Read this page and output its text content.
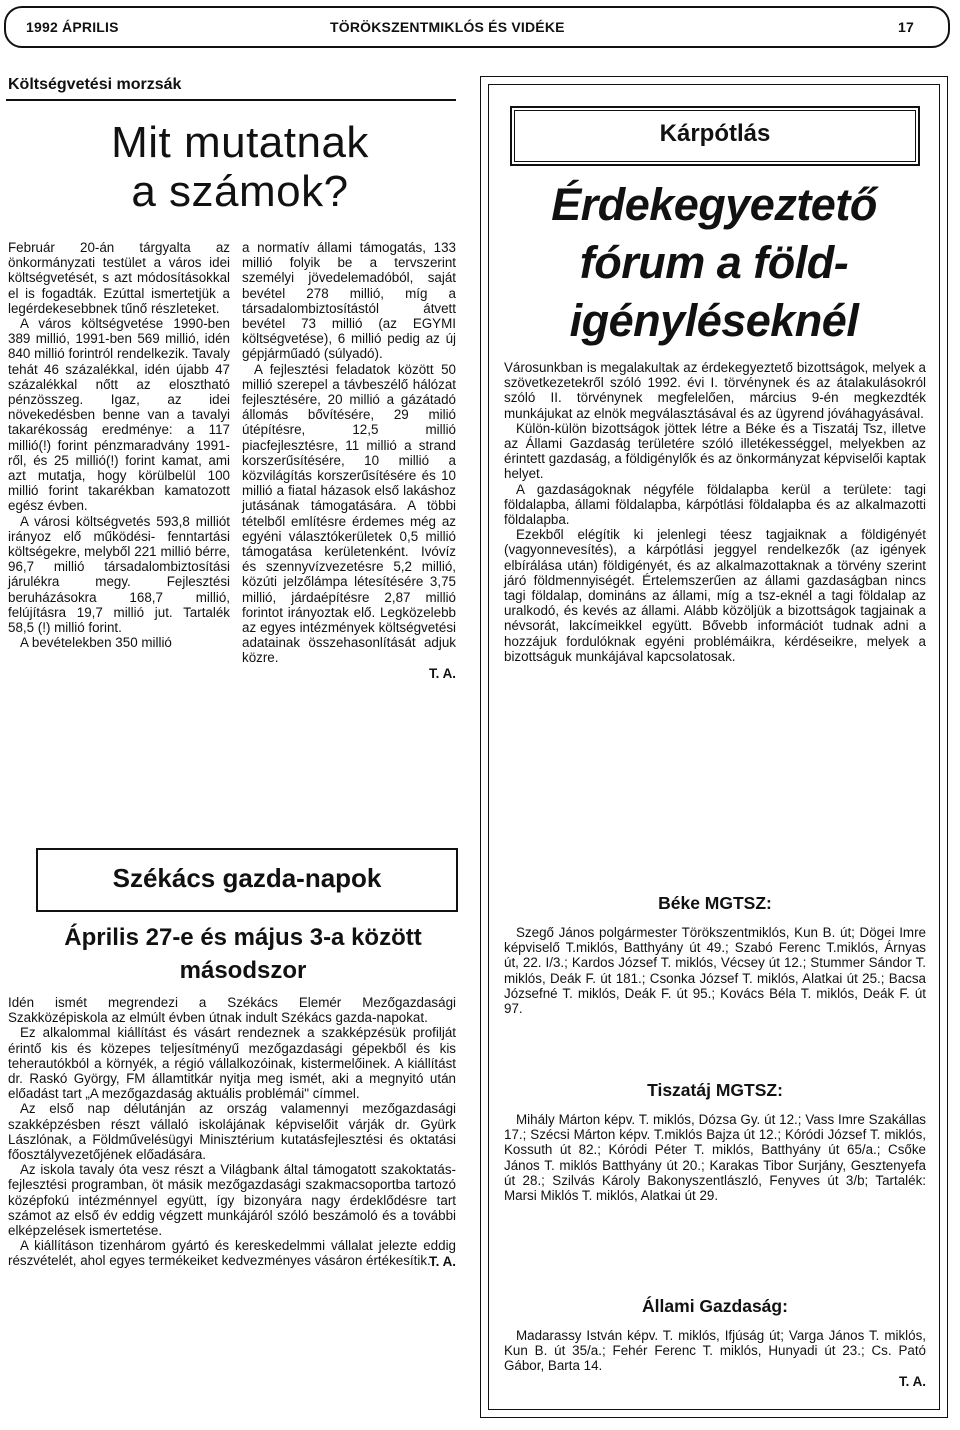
1992 ÁPRILIS	TÖRÖKSZENTMIKLÓS ÉS VIDÉKE	17
Költségvetési morzsák
Mit mutatnak
a számok?

Február 20-án tárgyalta az önkormányzati testület a város idei költségvetését, s azt módosításokkal el is fogadták. Ezúttal ismertetjük a legérdekesebbnek tűnő részleteket.

A város költségvetése 1990-ben 389 millió, 1991-ben 569 millió, idén 840 millió forintról rendelkezik. Tavaly tehát 46 százalékkal, idén újabb 47 százalékkal nőtt az elosztható pénzösszeg. Igaz, az idei növekedésben benne van a tavalyi takarékosság eredménye: a 117 millió(!) forint pénzmaradvány 1991-ről, és 25 millió(!) forint kamat, ami azt mutatja, hogy körülbelül 100 millió forint takarékban kamatozott egész évben.

A városi költségvetés 593,8 milliót irányoz elő működési- fenntartási költségekre, melyből 221 millió bérre, 96,7 millió társadalombiztosítási járulékra megy. Fejlesztési beruházásokra 168,7 millió, felújításra 19,7 millió jut. Tartalék 58,5 (!) millió forint.

A bevételekben 350 millió

a normatív állami támogatás, 133 millió folyik be a tervszerint személyi jövedelemadóból, saját bevétel 278 millió, míg a társadalombiztosítástól átvett bevétel 73 millió (az EGYMI költségvetése), 6 millió pedig az új gépjárműadó (súlyadó).

A fejlesztési feladatok között 50 millió szerepel a távbeszélő hálózat fejlesztésére, 20 millió a gázátadó állomás bővítésére, 29 milió útépítésre, 12,5 millió piacfejlesztésre, 11 millió a strand korszerűsítésére, 10 millió a közvilágítás korszerűsítésére és 10 millió a fiatal házasok első lakáshoz jutásának támogatására. A többi tételből említésre érdemes még az egyéni választókerületek 0,5 millió támogatása kerületenként. Ivóvíz és szennyvízvezetésre 5,2 millió, közúti jelzőlámpa létesítésére 3,75 millió, járdaépítésre 2,87 millió forintot irányoztak elő. Legközelebb az egyes intézmények költségvetési adatainak összehasonlítását adjuk közre.

T. A.

Székács gazda-napok
Április 27-e és május 3-a között
másodszor

Idén ismét megrendezi a Székács Elemér Mezőgazdasági Szakközépiskola az elmúlt évben útnak indult Székács gazda-napokat.

Ez alkalommal kiállítást és vásárt rendeznek a szakképzésük profilját érintő kis és közepes teljesítményű mezőgazdasági gépekből és kis teherautókból a környék, a régió vállalkozóinak, kistermelőinek. A kiállítást dr. Raskó György, FM államtitkár nyitja meg ismét, aki a megnyitó után előadást tart „A mezőgazdaság aktuális problémái" címmel.

Az első nap délutánján az ország valamennyi mezőgazdasági szakképzésben részt vállaló iskolájának képviselőit várják dr. Gyürk Lászlónak, a Földművelésügyi Minisztérium kutatásfejlesztési és oktatási főosztályvezetőjének előadására.

Az iskola tavaly óta vesz részt a Világbank által támogatott szakoktatás-fejlesztési programban, öt másik mezőgazdasági szakmacsoportba tartozó középfokú intézménnyel együtt, így bizonyára nagy érdeklődésre tart számot az első év eddig végzett munkájáról szóló beszámoló és a további elképzelések ismertetése.

A kiállításon tizenhárom gyártó és kereskedelmmi vállalat jelezte eddig részvételét, ahol egyes termékeiket kedvezményes vásáron értékesítik.

T. A.

Kárpótlás
Érdekegyeztető
fórum a föld-
igényléseknél

Városunkban is megalakultak az érdekegyeztető bizottságok, melyek a szövetkezetekről szóló 1992. évi I. törvénynek és az átalakulásokról szóló II. törvénynek megfelelően, március 9-én megkezdték munkájukat az elnök megválasztásával és az ügyrend jóváhagyásával.

Külön-külön bizottságok jöttek létre a Béke és a Tiszatáj Tsz, illetve az Állami Gazdaság területére szóló illetékességgel, melyekben az érintett gazdaság, a földigénylők és az önkormányzat képviselői kaptak helyet.

A gazdaságoknak négyféle földalapba kerül a területe: tagi földalapba, állami földalapba, kárpótlási földalapba és az alkalmazotti földalapba.

Ezekből elégítik ki jelenlegi téesz tagjaiknak a földigényét (vagyonnevesítés), a kárpótlási jeggyel rendelkezők (az igények elbírálása után) földigényét, és az alkalmazottaknak a törvény szerint járó földmennyiségét. Értelemszerűen az állami gazdaságban nincs tagi földalap, domináns az állami, míg a tsz-eknél a tagi földalap az uralkodó, és kevés az állami. Alább közöljük a bizottságok tagjainak a névsorát, lakcímeikkel együtt. Bővebb információt tudnak adni a hozzájuk fordulóknak egyéni problémáikra, kérdéseikre, melyek a bizottságuk munkájával kapcsolatosak.

Béke MGTSZ:

Szegő János polgármester Törökszentmiklós, Kun B. út; Dögei Imre képviselő T.miklós, Batthyány út 49.; Szabó Ferenc T.miklós, Árnyas út, 22. I/3.; Kardos József T. miklós, Vécsey út 12.; Stummer Sándor T. miklós, Deák F. út 181.; Csonka József T. miklós, Alatkai út 25.; Bacsa Józsefné T. miklós, Deák F. út 95.; Kovács Béla T. miklós, Deák F. út 97.

Tiszatáj MGTSZ:

Mihály Márton képv. T. miklós, Dózsa Gy. út 12.; Vass Imre Szakállas 17.; Szécsi Márton képv. T.miklós Bajza út 12.; Kóródi József T. miklós, Kossuth út 82.; Kóródi Péter T. miklós, Batthyány út 65/a.; Csőke János T. miklós Batthyány út 20.; Karakas Tibor Surjány, Gesztenyefa út 28.; Szilvás Károly Bakonyszentlászló, Fenyves út 3/b; Tartalék: Marsi Miklós T. miklós, Alatkai út 29.

Állami Gazdaság:

Madarassy István képv. T. miklós, Ifjúság út; Varga János T. miklós, Kun B. út 35/a.; Fehér Ferenc T. miklós, Hunyadi út 23.; Cs. Pató Gábor, Barta 14.

T. A.
